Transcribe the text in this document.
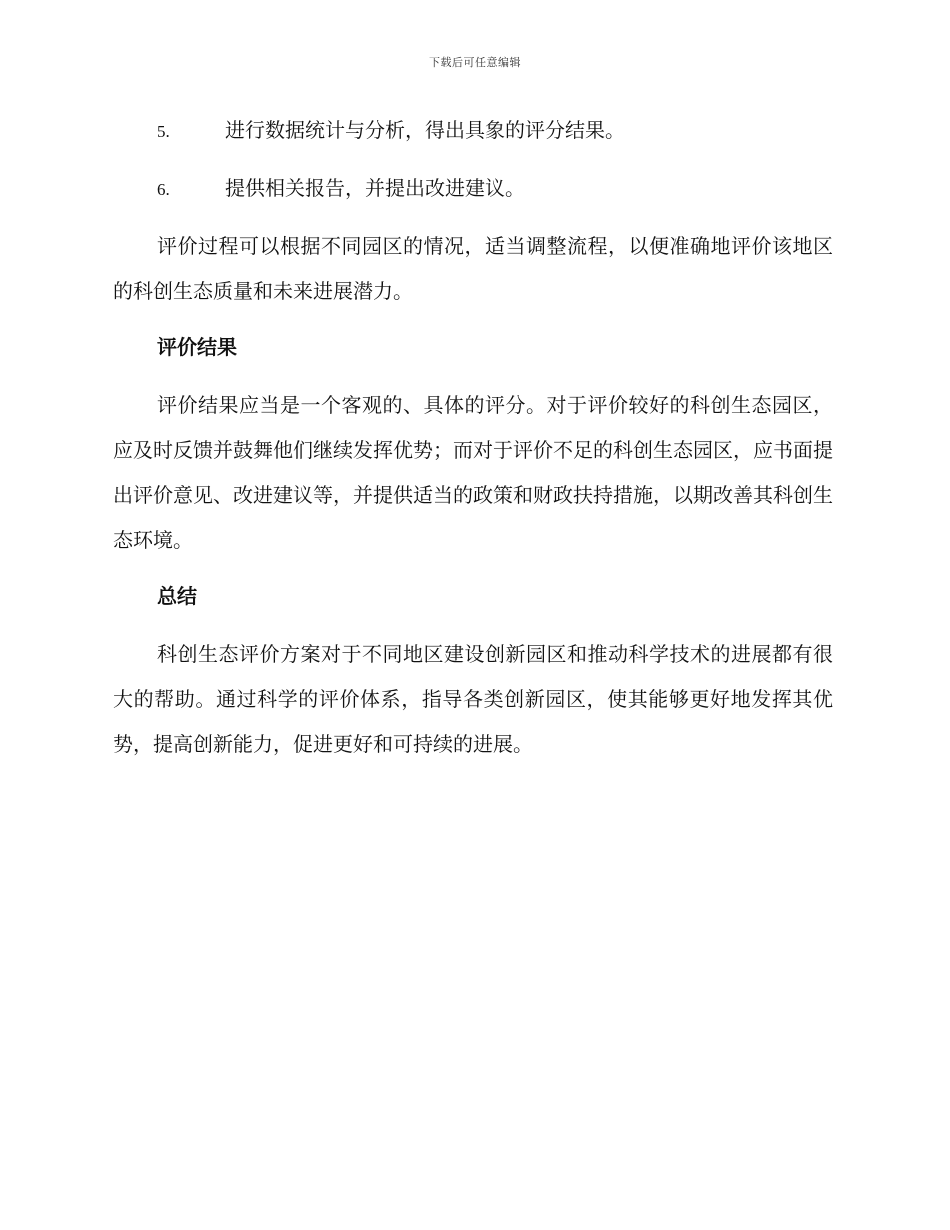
下载后可任意编辑
5.	进行数据统计与分析，得出具象的评分结果。
6.	提供相关报告，并提出改进建议。

评价过程可以根据不同园区的情况，适当调整流程，以便准确地评价该地区的科创生态质量和未来进展潜力。

评价结果

评价结果应当是一个客观的、具体的评分。对于评价较好的科创生态园区，应及时反馈并鼓舞他们继续发挥优势；而对于评价不足的科创生态园区，应书面提出评价意见、改进建议等，并提供适当的政策和财政扶持措施，以期改善其科创生态环境。

总结

科创生态评价方案对于不同地区建设创新园区和推动科学技术的进展都有很大的帮助。通过科学的评价体系，指导各类创新园区，使其能够更好地发挥其优势，提高创新能力，促进更好和可持续的进展。
